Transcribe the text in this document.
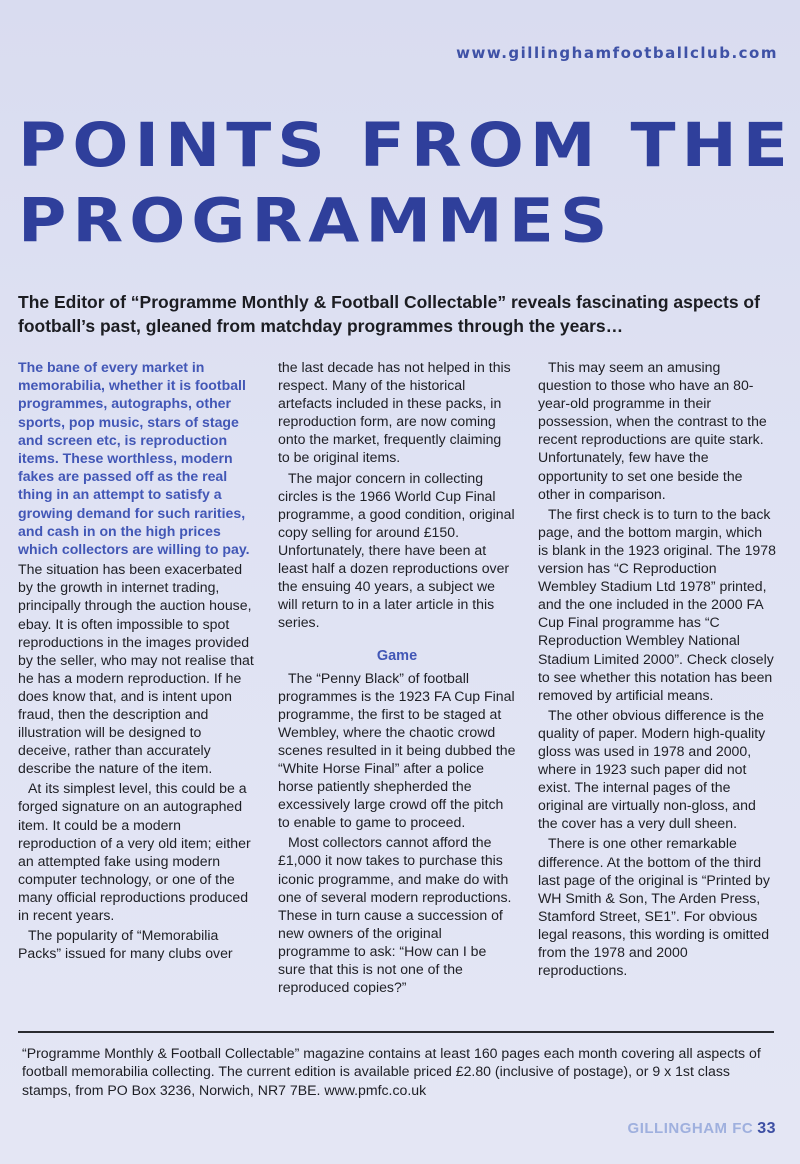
www.gillinghamfootballclub.com
POINTS FROM THE
PROGRAMMES
The Editor of “Programme Monthly & Football Collectable” reveals fascinating aspects of football’s past, gleaned from matchday programmes through the years…

The bane of every market in memorabilia, whether it is football programmes, autographs, other sports, pop music, stars of stage and screen etc, is reproduction items. These worthless, modern fakes are passed off as the real thing in an attempt to satisfy a growing demand for such rarities, and cash in on the high prices which collectors are willing to pay.

The situation has been exacerbated by the growth in internet trading, principally through the auction house, ebay. It is often impossible to spot reproductions in the images provided by the seller, who may not realise that he has a modern reproduction. If he does know that, and is intent upon fraud, then the description and illustration will be designed to deceive, rather than accurately describe the nature of the item.

At its simplest level, this could be a forged signature on an autographed item. It could be a modern reproduction of a very old item; either an attempted fake using modern computer technology, or one of the many official reproductions produced in recent years.

The popularity of “Memorabilia Packs” issued for many clubs over

the last decade has not helped in this respect. Many of the historical artefacts included in these packs, in reproduction form, are now coming onto the market, frequently claiming to be original items.

The major concern in collecting circles is the 1966 World Cup Final programme, a good condition, original copy selling for around £150. Unfortunately, there have been at least half a dozen reproductions over the ensuing 40 years, a subject we will return to in a later article in this series.

Game

The “Penny Black” of football programmes is the 1923 FA Cup Final programme, the first to be staged at Wembley, where the chaotic crowd scenes resulted in it being dubbed the “White Horse Final” after a police horse patiently shepherded the excessively large crowd off the pitch to enable to game to proceed.

Most collectors cannot afford the £1,000 it now takes to purchase this iconic programme, and make do with one of several modern reproductions. These in turn cause a succession of new owners of the original programme to ask: “How can I be sure that this is not one of the reproduced copies?”

This may seem an amusing question to those who have an 80-year-old programme in their possession, when the contrast to the recent reproductions are quite stark. Unfortunately, few have the opportunity to set one beside the other in comparison.

The first check is to turn to the back page, and the bottom margin, which is blank in the 1923 original. The 1978 version has “C Reproduction Wembley Stadium Ltd 1978” printed, and the one included in the 2000 FA Cup Final programme has “C Reproduction Wembley National Stadium Limited 2000”. Check closely to see whether this notation has been removed by artificial means.

The other obvious difference is the quality of paper. Modern high-quality gloss was used in 1978 and 2000, where in 1923 such paper did not exist. The internal pages of the original are virtually non-gloss, and the cover has a very dull sheen.

There is one other remarkable difference. At the bottom of the third last page of the original is “Printed by WH Smith & Son, The Arden Press, Stamford Street, SE1”. For obvious legal reasons, this wording is omitted from the 1978 and 2000 reproductions.

“Programme Monthly & Football Collectable” magazine contains at least 160 pages each month covering all aspects of football memorabilia collecting. The current edition is available priced £2.80 (inclusive of postage), or 9 x 1st class stamps, from PO Box 3236, Norwich, NR7 7BE. www.pmfc.co.uk
GILLINGHAM FC 33
